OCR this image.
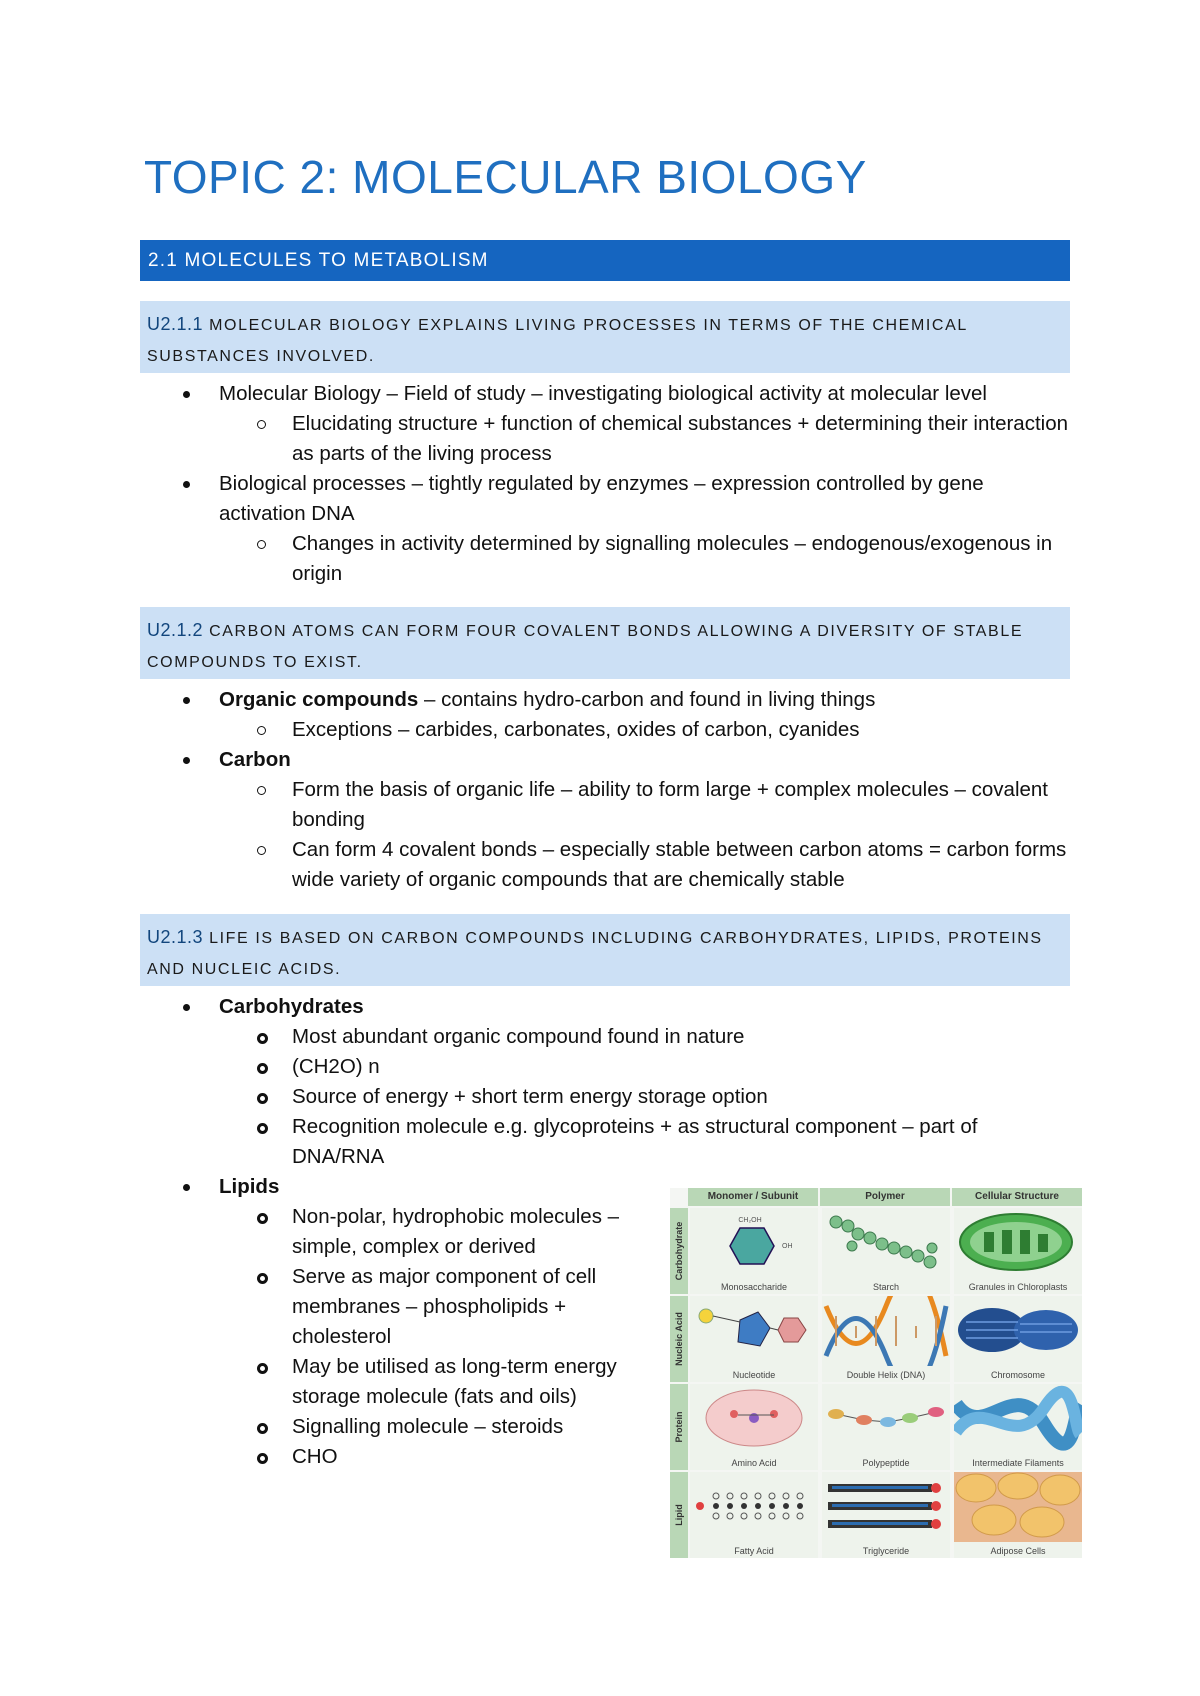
TOPIC 2: MOLECULAR BIOLOGY
2.1 MOLECULES TO METABOLISM
U2.1.1 MOLECULAR BIOLOGY EXPLAINS LIVING PROCESSES IN TERMS OF THE CHEMICAL SUBSTANCES INVOLVED.
Molecular Biology – Field of study – investigating biological activity at molecular level
Elucidating structure + function of chemical substances + determining their interaction as parts of the living process
Biological processes – tightly regulated by enzymes – expression controlled by gene activation DNA
Changes in activity determined by signalling molecules – endogenous/exogenous in origin
U2.1.2 CARBON ATOMS CAN FORM FOUR COVALENT BONDS ALLOWING A DIVERSITY OF STABLE COMPOUNDS TO EXIST.
Organic compounds – contains hydro-carbon and found in living things
Exceptions – carbides, carbonates, oxides of carbon, cyanides
Carbon
Form the basis of organic life – ability to form large + complex molecules – covalent bonding
Can form 4 covalent bonds – especially stable between carbon atoms = carbon forms wide variety of organic compounds that are chemically stable
U2.1.3 LIFE IS BASED ON CARBON COMPOUNDS INCLUDING CARBOHYDRATES, LIPIDS, PROTEINS AND NUCLEIC ACIDS.
Carbohydrates
Most abundant organic compound found in nature
(CH2O) n
Source of energy + short term energy storage option
Recognition molecule e.g. glycoproteins + as structural component – part of DNA/RNA
Lipids
Non-polar, hydrophobic molecules – simple, complex or derived
Serve as major component of cell membranes – phospholipids + cholesterol
May be utilised as long-term energy storage molecule (fats and oils)
Signalling molecule – steroids
CHO
Monomer / Subunit	Polymer	Cellular Structure
Carbohydrate
CH₂OH
OH
Monosaccharide	Starch	Granules in Chloroplasts
Nucleic Acid
Nucleotide	Double Helix (DNA)	Chromosome
Protein
Amino Acid	Polypeptide	Intermediate Filaments
Lipid
Fatty Acid	Triglyceride	Adipose Cells
